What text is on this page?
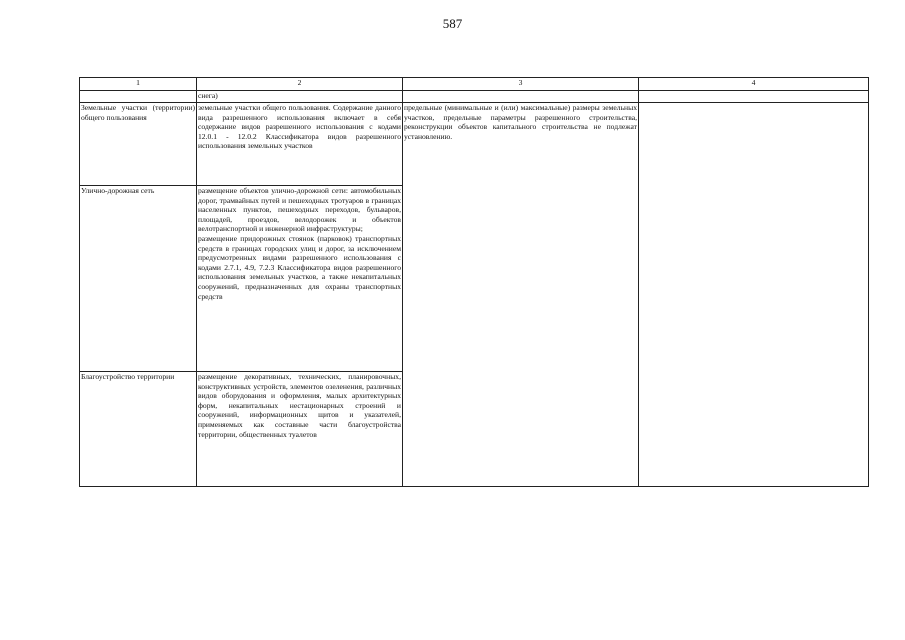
587
1	2	3	4
	снега)		
Земельные участки (территории) общего пользования	земельные участки общего пользования. Содержание данного вида разрешенного использования включает в себя содержание видов разрешенного использования с кодами 12.0.1 - 12.0.2 Классификатора видов разрешенного использования земельных участков	предельные (минимальные и (или) максимальные) размеры земельных участков, предельные параметры разрешенного строительства, реконструкции объектов капитального строительства не подлежат установлению.	
Улично-дорожная сеть	размещение объектов улично-дорожной сети: автомобильных дорог, трамвайных путей и пешеходных тротуаров в границах населенных пунктов, пешеходных переходов, бульваров, площадей, проездов, велодорожек и объектов велотранспортной и инженерной инфраструктуры;
размещение придорожных стоянок (парковок) транспортных средств в границах городских улиц и дорог, за исключением предусмотренных видами разрешенного использования с кодами 2.7.1, 4.9, 7.2.3 Классификатора видов разрешенного использования земельных участков, а также некапитальных сооружений, предназначенных для охраны транспортных средств		
Благоустройство территории	размещение декоративных, технических, планировочных, конструктивных устройств, элементов озеленения, различных видов оборудования и оформления, малых архитектурных форм, некапитальных нестационарных строений и сооружений, информационных щитов и указателей, применяемых как составные части благоустройства территории, общественных туалетов		
